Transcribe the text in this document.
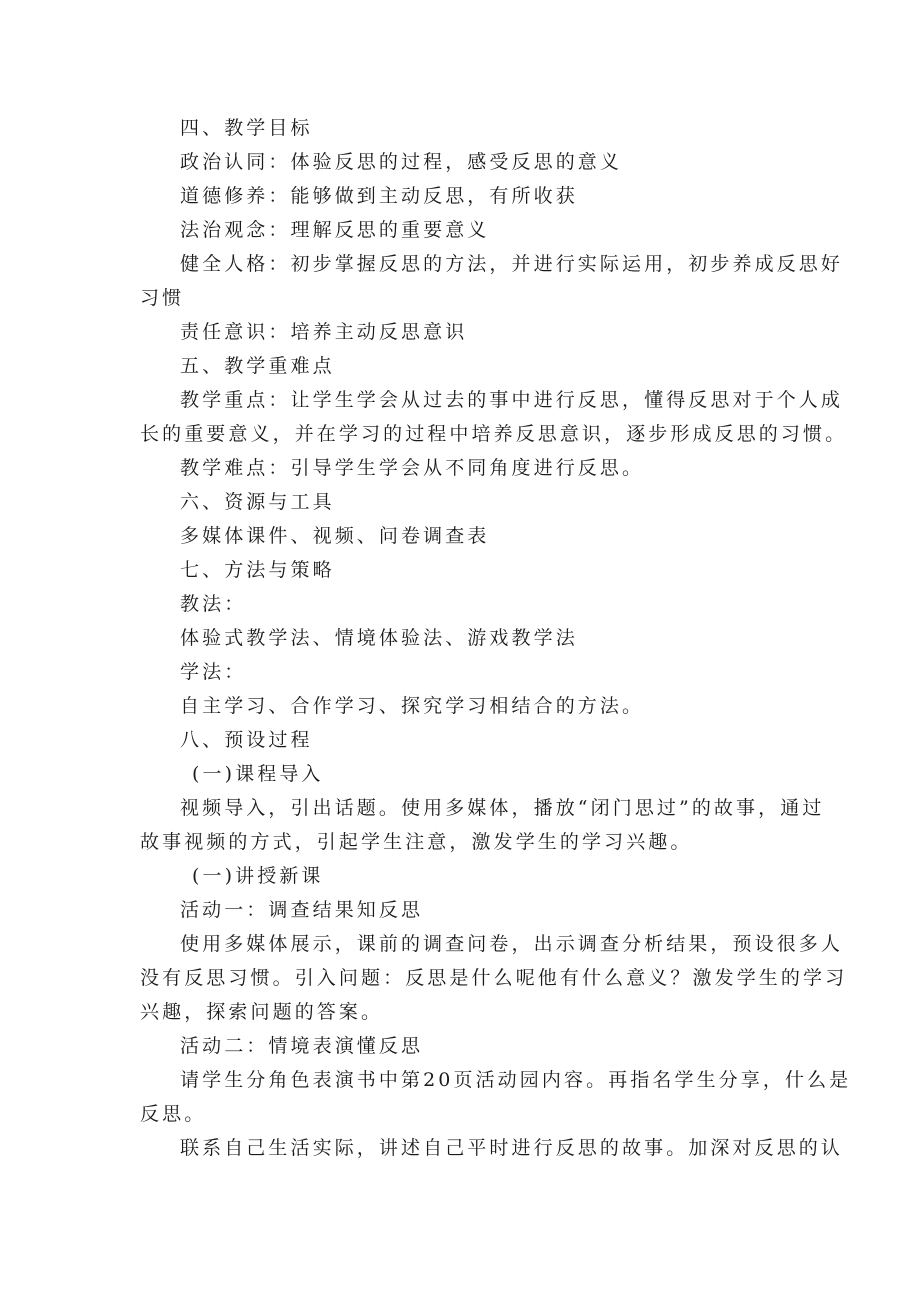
四、教学目标
政治认同：体验反思的过程，感受反思的意义
道德修养：能够做到主动反思，有所收获
法治观念：理解反思的重要意义
健全人格：初步掌握反思的方法，并进行实际运用，初步养成反思好
习惯
责任意识：培养主动反思意识
五、教学重难点
教学重点：让学生学会从过去的事中进行反思，懂得反思对于个人成
长的重要意义，并在学习的过程中培养反思意识，逐步形成反思的习惯。
教学难点：引导学生学会从不同角度进行反思。
六、资源与工具
多媒体课件、视频、问卷调查表
七、方法与策略
教法：
体验式教学法、情境体验法、游戏教学法
学法：
自主学习、合作学习、探究学习相结合的方法。
八、预设过程
(一)课程导入
视频导入，引出话题。使用多媒体，播放“闭门思过”的故事，通过
故事视频的方式，引起学生注意，激发学生的学习兴趣。
(一)讲授新课
活动一：调查结果知反思
使用多媒体展示，课前的调查问卷，出示调查分析结果，预设很多人
没有反思习惯。引入问题：反思是什么呢他有什么意义？激发学生的学习
兴趣，探索问题的答案。
活动二：情境表演懂反思
请学生分角色表演书中第20页活动园内容。再指名学生分享，什么是
反思。
联系自己生活实际，讲述自己平时进行反思的故事。加深对反思的认
